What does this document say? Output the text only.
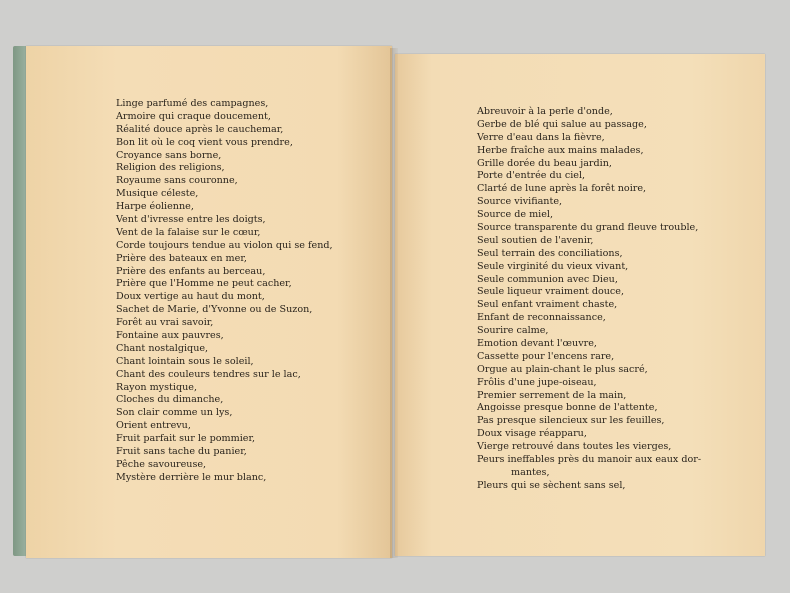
Linge parfumé des campagnes,
Armoire qui craque doucement,
Réalité douce après le cauchemar,
Bon lit où le coq vient vous prendre,
Croyance sans borne,
Religion des religions,
Royaume sans couronne,
Musique céleste,
Harpe éolienne,
Vent d'ivresse entre les doigts,
Vent de la falaise sur le cœur,
Corde toujours tendue au violon qui se fend,
Prière des bateaux en mer,
Prière des enfants au berceau,
Prière que l'Homme ne peut cacher,
Doux vertige au haut du mont,
Sachet de Marie, d'Yvonne ou de Suzon,
Forêt au vrai savoir,
Fontaine aux pauvres,
Chant nostalgique,
Chant lointain sous le soleil,
Chant des couleurs tendres sur le lac,
Rayon mystique,
Cloches du dimanche,
Son clair comme un lys,
Orient entrevu,
Fruit parfait sur le pommier,
Fruit sans tache du panier,
Pêche savoureuse,
Mystère derrière le mur blanc,
Abreuvoir à la perle d'onde,
Gerbe de blé qui salue au passage,
Verre d'eau dans la fièvre,
Herbe fraîche aux mains malades,
Grille dorée du beau jardin,
Porte d'entrée du ciel,
Clarté de lune après la forêt noire,
Source vivifiante,
Source de miel,
Source transparente du grand fleuve trouble,
Seul soutien de l'avenir,
Seul terrain des conciliations,
Seule virginité du vieux vivant,
Seule communion avec Dieu,
Seule liqueur vraiment douce,
Seul enfant vraiment chaste,
Enfant de reconnaissance,
Sourire calme,
Emotion devant l'œuvre,
Cassette pour l'encens rare,
Orgue au plain-chant le plus sacré,
Frôlis d'une jupe-oiseau,
Premier serrement de la main,
Angoisse presque bonne de l'attente,
Pas presque silencieux sur les feuilles,
Doux visage réapparu,
Vierge retrouvé dans toutes les vierges,
Peurs ineffables près du manoir aux eaux dor-
mantes,
Pleurs qui se sèchent sans sel,
